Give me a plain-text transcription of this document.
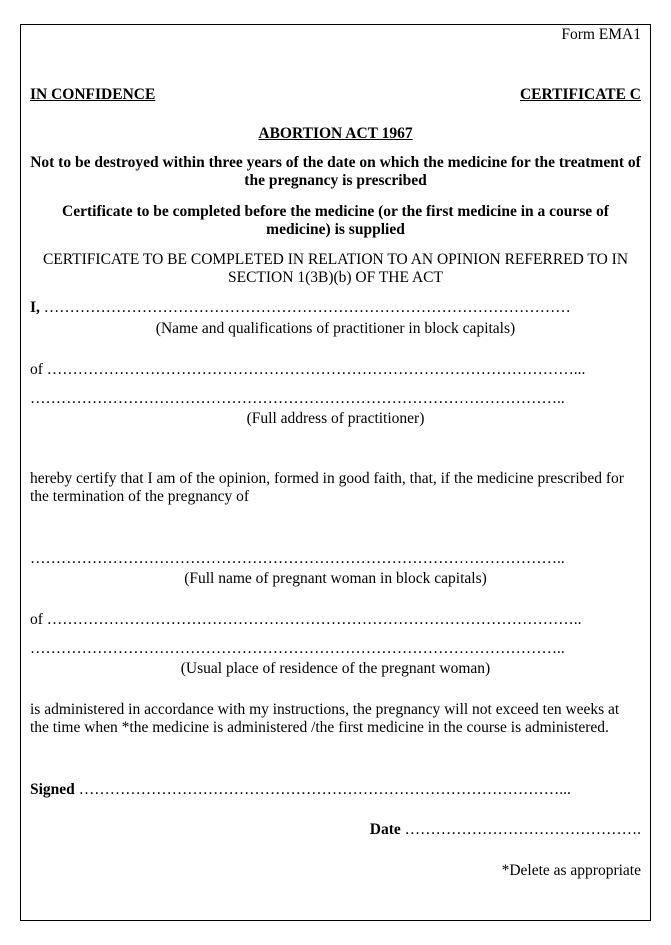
Form EMA1
IN CONFIDENCE	CERTIFICATE C
ABORTION ACT 1967
Not to be destroyed within three years of the date on which the medicine for the treatment of the pregnancy is prescribed
Certificate to be completed before the medicine (or the first medicine in a course of medicine) is supplied
CERTIFICATE TO BE COMPLETED IN RELATION TO AN OPINION REFERRED TO IN SECTION 1(3B)(b) OF THE ACT
I, …………………………………………………………………………………………
(Name and qualifications of practitioner in block capitals)
of …………………………………………………………………………………………...
…………………………………………………………………………………………..
(Full address of practitioner)
hereby certify that I am of the opinion, formed in good faith, that, if the medicine prescribed for the termination of the pregnancy of
…………………………………………………………………………………………..
(Full name of pregnant woman in block capitals)
of …………………………………………………………………………………………..
…………………………………………………………………………………………..
(Usual place of residence of the pregnant woman)
is administered in accordance with my instructions, the pregnancy will not exceed ten weeks at the time when *the medicine is administered /the first medicine in the course is administered.
Signed …………………………………………………………………………………...
Date ……………………………………….
*Delete as appropriate
